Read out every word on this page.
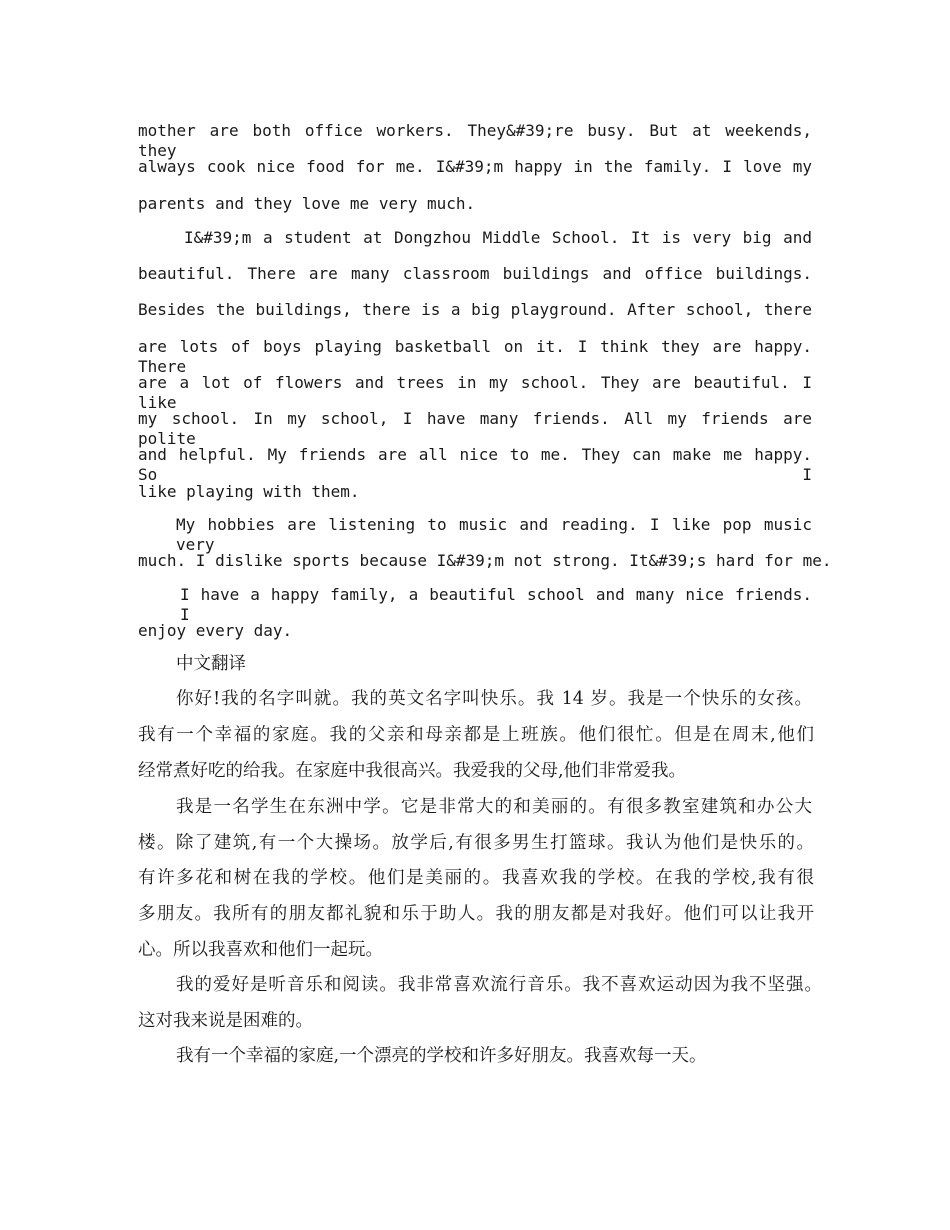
mother are both office workers. They&#39;re busy. But at weekends, they

always cook nice food for me. I&#39;m happy in the family. I love my

parents and they love me very much.

I&#39;m a student at Dongzhou Middle School. It is very big and

beautiful. There are many classroom buildings and office buildings.

Besides the buildings, there is a big playground. After school, there

are lots of boys playing basketball on it. I think they are happy. There

are a lot of flowers and trees in my school. They are beautiful. I like

my school. In my school, I have many friends. All my friends are polite

and helpful. My friends are all nice to me. They can make me happy. So I

like playing with them.

My hobbies are listening to music and reading. I like pop music very

much. I dislike sports because I&#39;m not strong. It&#39;s hard for me.

I have a happy family, a beautiful school and many nice friends. I

enjoy every day.

中文翻译

你好!我的名字叫就。我的英文名字叫快乐。我 14 岁。我是一个快乐的女孩。

我有一个幸福的家庭。我的父亲和母亲都是上班族。他们很忙。但是在周末,他们

经常煮好吃的给我。在家庭中我很高兴。我爱我的父母,他们非常爱我。

我是一名学生在东洲中学。它是非常大的和美丽的。有很多教室建筑和办公大

楼。除了建筑,有一个大操场。放学后,有很多男生打篮球。我认为他们是快乐的。

有许多花和树在我的学校。他们是美丽的。我喜欢我的学校。在我的学校,我有很

多朋友。我所有的朋友都礼貌和乐于助人。我的朋友都是对我好。他们可以让我开

心。所以我喜欢和他们一起玩。

我的爱好是听音乐和阅读。我非常喜欢流行音乐。我不喜欢运动因为我不坚强。

这对我来说是困难的。

我有一个幸福的家庭,一个漂亮的学校和许多好朋友。我喜欢每一天。
